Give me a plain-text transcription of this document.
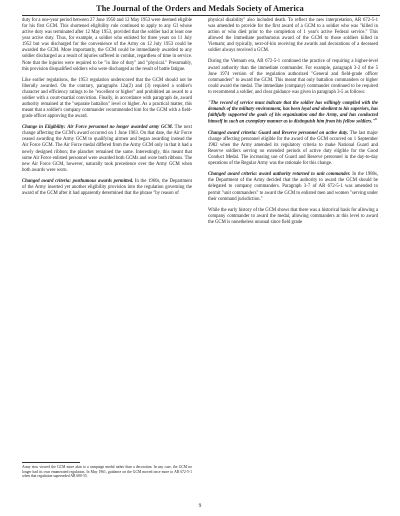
The Journal of the Orders and Medals Society of America

duty for a one-year period between 27 June 1950 and 12 May 1953 were deemed eligible for his first GCM. This shortened eligibility rule continued to apply to any GI whose active duty was terminated after 12 May 1953, provided that the soldier had at least one year active duty. Thus, for example, a soldier who enlisted for three years on 11 July 1952 but was discharged for the convenience of the Army on 12 July 1953 could be awarded the GCM. More importantly, the GCM could be immediately awarded to any soldier discharged as a result of injuries suffered in combat, regardless of time in service. Note that the injuries were required to be "in line of duty" and "physical." Presumably, this provision disqualified soldiers who were discharged as the result of battle fatigue.

Like earlier regulations, the 1953 regulation underscored that the GCM should not be liberally awarded. On the contrary, paragraphs 12a(2) and (3) required a soldier's character and efficiency ratings to be "excellent or higher" and prohibited an award to a soldier with a court-martial conviction. Finally, in accordance with paragraph 4e, award authority remained at the "separate battalion" level or higher. As a practical matter, this meant that a soldier's company commander recommended him for the GCM with a field-grade officer approving the award.

Change in Eligibility: Air Force personnel no longer awarded army GCM. The next change affecting the GCM's award occurred on 1 June 1963. On that date, the Air Force ceased awarding the Army GCM to qualifying airmen and began awarding instead the Air Force GCM. The Air Force medal differed from the Army GCM only in that it had a newly designed ribbon; the planchet remained the same. Interestingly, this meant that some Air Force enlisted personnel were awarded both GCMs and wore both ribbons. The new Air Force GCM, however, naturally took precedence over the Army GCM when both awards were worn.

Changed award criteria: posthumous awards permitted. In the 1960s, the Department of the Army inserted yet another eligibility provision into the regulation governing the award of the GCM after it had apparently determined that the phrase "by reason of

physical disability" also included death. To reflect the new interpretation, AR 672-5-1 was amended to provide for the first award of a GCM to a soldier who was "killed in action or who died prior to the completion of 1 year's active Federal service." This allowed the immediate posthumous award of the GCM to those soldiers killed in Vietnam; and typically, next-of-kin receiving the awards and decorations of a deceased soldier always received a GCM.

During the Vietnam era, AR 672-5-1 continued the practice of requiring a higher-level award authority than the immediate commander. For example, paragraph 3-2 of the 5 June 1974 version of the regulation authorized "General and field-grade officer commanders" to award the GCM. This meant that only battalion commanders or higher could award the medal. The immediate (company) commander continued to be required to recommend a soldier, and clear guidance was given in paragraph 3-5 as follows:

"The record of service must indicate that the soldier has willingly complied with the demands of the military environment, has been loyal and obedient to his superiors, has faithfully supported the goals of his organization and the Army, and has conducted himself in such an exemplary manner as to distinguish him from his fellow soldiers."$^6$

Changed award criteria: Guard and Reserve personnel on active duty. The last major change affecting personnel eligible for the award of the GCM occurred on 1 September 1982 when the Army amended its regulatory criteria to make National Guard and Reserve soldiers serving on extended periods of active duty eligible for the Good Conduct Medal. The increasing use of Guard and Reserve personnel in the day-to-day operations of the Regular Army was the rationale for this change.

Changed award criteria: award authority returned to unit commander. In the 1980s, the Department of the Army decided that the authority to award the GCM should be delegated to company commanders. Paragraph 3-7 of AR 672-5-1 was amended to permit "unit commanders" to award the GCM to enlisted men and women "serving under their command jurisdiction."

While the early history of the GCM shows that there was a historical basis for allowing a company commander to award the medal, allowing commanders at this level to award the GCM is nonetheless unusual since field grade

Army now viewed the GCM more akin to a campaign medal rather than a decoration. In any case, the GCM no longer had its own enumerated regulation. In May 1961, guidance on the GCM moved once more to AR 672-5-1 when that regulation superseded AR 600-55.
9
